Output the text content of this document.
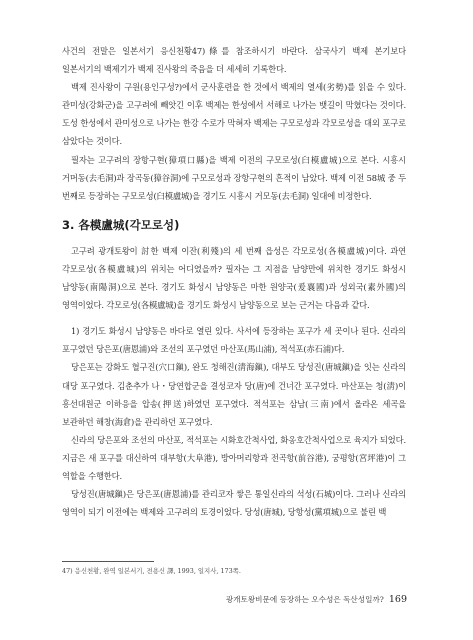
사건의 전말은 일본서기 응신천황47)條를 참조하시기 바란다. 삼국사기 백제 본기보다 일본서기의 백제기가 백제 진사왕의 죽음을 더 세세히 기록한다.

백제 진사왕이 구원(용인구성?)에서 군사훈련을 한 것에서 백제의 열세(劣勢)를 읽을 수 있다. 관미성(강화군)을 고구려에 빼앗긴 이후 백제는 한성에서 서해로 나가는 뱃길이 막혔다는 것이다. 도성 한성에서 관미성으로 나가는 한강 수로가 막혀자 백제는 구모로성과 각모로성을 대외 포구로 삼았다는 것이다.

필자는 고구려의 장항구현(獐項口縣)을 백제 이전의 구모로성(臼模盧城)으로 본다. 시흥시 거머동(去毛洞)과 장곡동(獐谷洞)에 구모로성과 장항구현의 흔적이 남았다. 백제 이전 58城 중 두 번째로 등장하는 구모로성(臼模盧城)을 경기도 시흥시 거모동(去毛洞) 일대에 비정한다.

3. 各模盧城(각모로성)

고구려 광개토왕이 討한 백제 이잔(利殘)의 세 번째 읍성은 각모로성(各模盧城)이다. 과연 각모로성(各模盧城)의 위치는 어디였을까? 필자는 그 지점을 남양만에 위치한 경기도 화성시 남양동(南陽洞)으로 본다. 경기도 화성시 남양동은 마한 원양국(爰襄國)과 성외국(素外國)의 영역이었다. 각모로성(各模盧城)을 경기도 화성시 남양동으로 보는 근거는 다음과 같다.

1) 경기도 화성시 남양동은 바다로 열린 있다. 사서에 등장하는 포구가 세 곳이나 된다. 신라의 포구였던 당은포(唐恩浦)와 조선의 포구였던 마산포(馬山浦), 적석포(赤石浦)다.

당은포는 강화도 혈구진(穴口鎭), 완도 청해진(淸海鎭), 대부도 당성진(唐城鎭)을 잇는 신라의 대당 포구였다. 김춘추가 나・당연합군을 결성코자 당(唐)에 건너간 포구였다. 마산포는 청(淸)이 흥선대원군 이하응을 압송(押送)하였던 포구였다. 적석포는 삼남(三南)에서 올라온 세곡을 보관하던 해창(海倉)을 관리하던 포구였다.

신라의 당은포와 조선의 마산포, 적석포는 시화호간척사업, 화옹호간척사업으로 육지가 되었다. 지금은 새 포구를 대신하여 대부항(大阜港), 방아머리항과 전곡항(前谷港), 궁평항(宮坪港)이 그 역할을 수행한다.

당성진(唐城鎭)은 당은포(唐恩浦)를 관리코자 쌓은 통일신라의 석성(石城)이다. 그러나 신라의 영역이 되기 이전에는 백제와 고구려의 토경이었다. 당성(唐城), 당항성(黨項城)으로 불린 백

47) 응신천황, 완역 일본서기, 전용신 譯, 1993, 일지사, 173쪽.
광개토왕비문에 등장하는 오수성은 독산성일까? 169
